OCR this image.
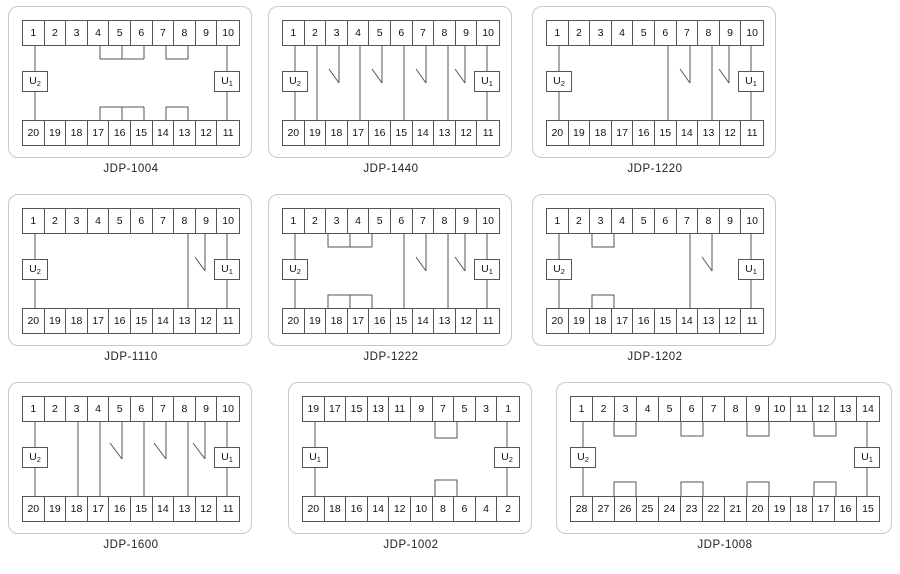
1	2	3	4	5	6	7	8	9	10
20 19 18 17 16 15 14 13 12	11
$U_2$	$U_1$
JDP-1004
1	2	3	4	5	6	7	8	9	10
20 19 18 17 16 15 14 13 12	11
$U_2$	$U_1$
JDP-1440
1	2	3	4	5	6	7	8	9	10
20 19 18 17 16 15 14 13 12	11
$U_2$	$U_1$
JDP-1220
1	2	3	4	5	6	7	8	9	10
20 19 18 17 16 15 14 13 12	11
$U_2$	$U_1$
JDP-1110
1	2	3	4	5	6	7	8	9	10
20 19 18 17 16 15 14 13 12	11
$U_2$	$U_1$
JDP-1222
1	2	3	4	5	6	7	8	9	10
20 19 18 17 16 15 14 13 12	11
$U_2$	$U_1$
JDP-1202
1	2	3	4	5	6	7	8	9	10
20 19 18 17 16 15 14 13 12	11
$U_2$	$U_1$
JDP-1600
19 17 15 13 11	9	7	5	3	1
20 18 16 14 12 10	8	6	4	2
$U_1$	$U_2$
JDP-1002
1	2	3	4	5	6	7	8	9	10	11	12 13	14
28 27 26 25 24 23 22 21 20 19 18 17 16	15
$U_2$	$U_1$
JDP-1008
